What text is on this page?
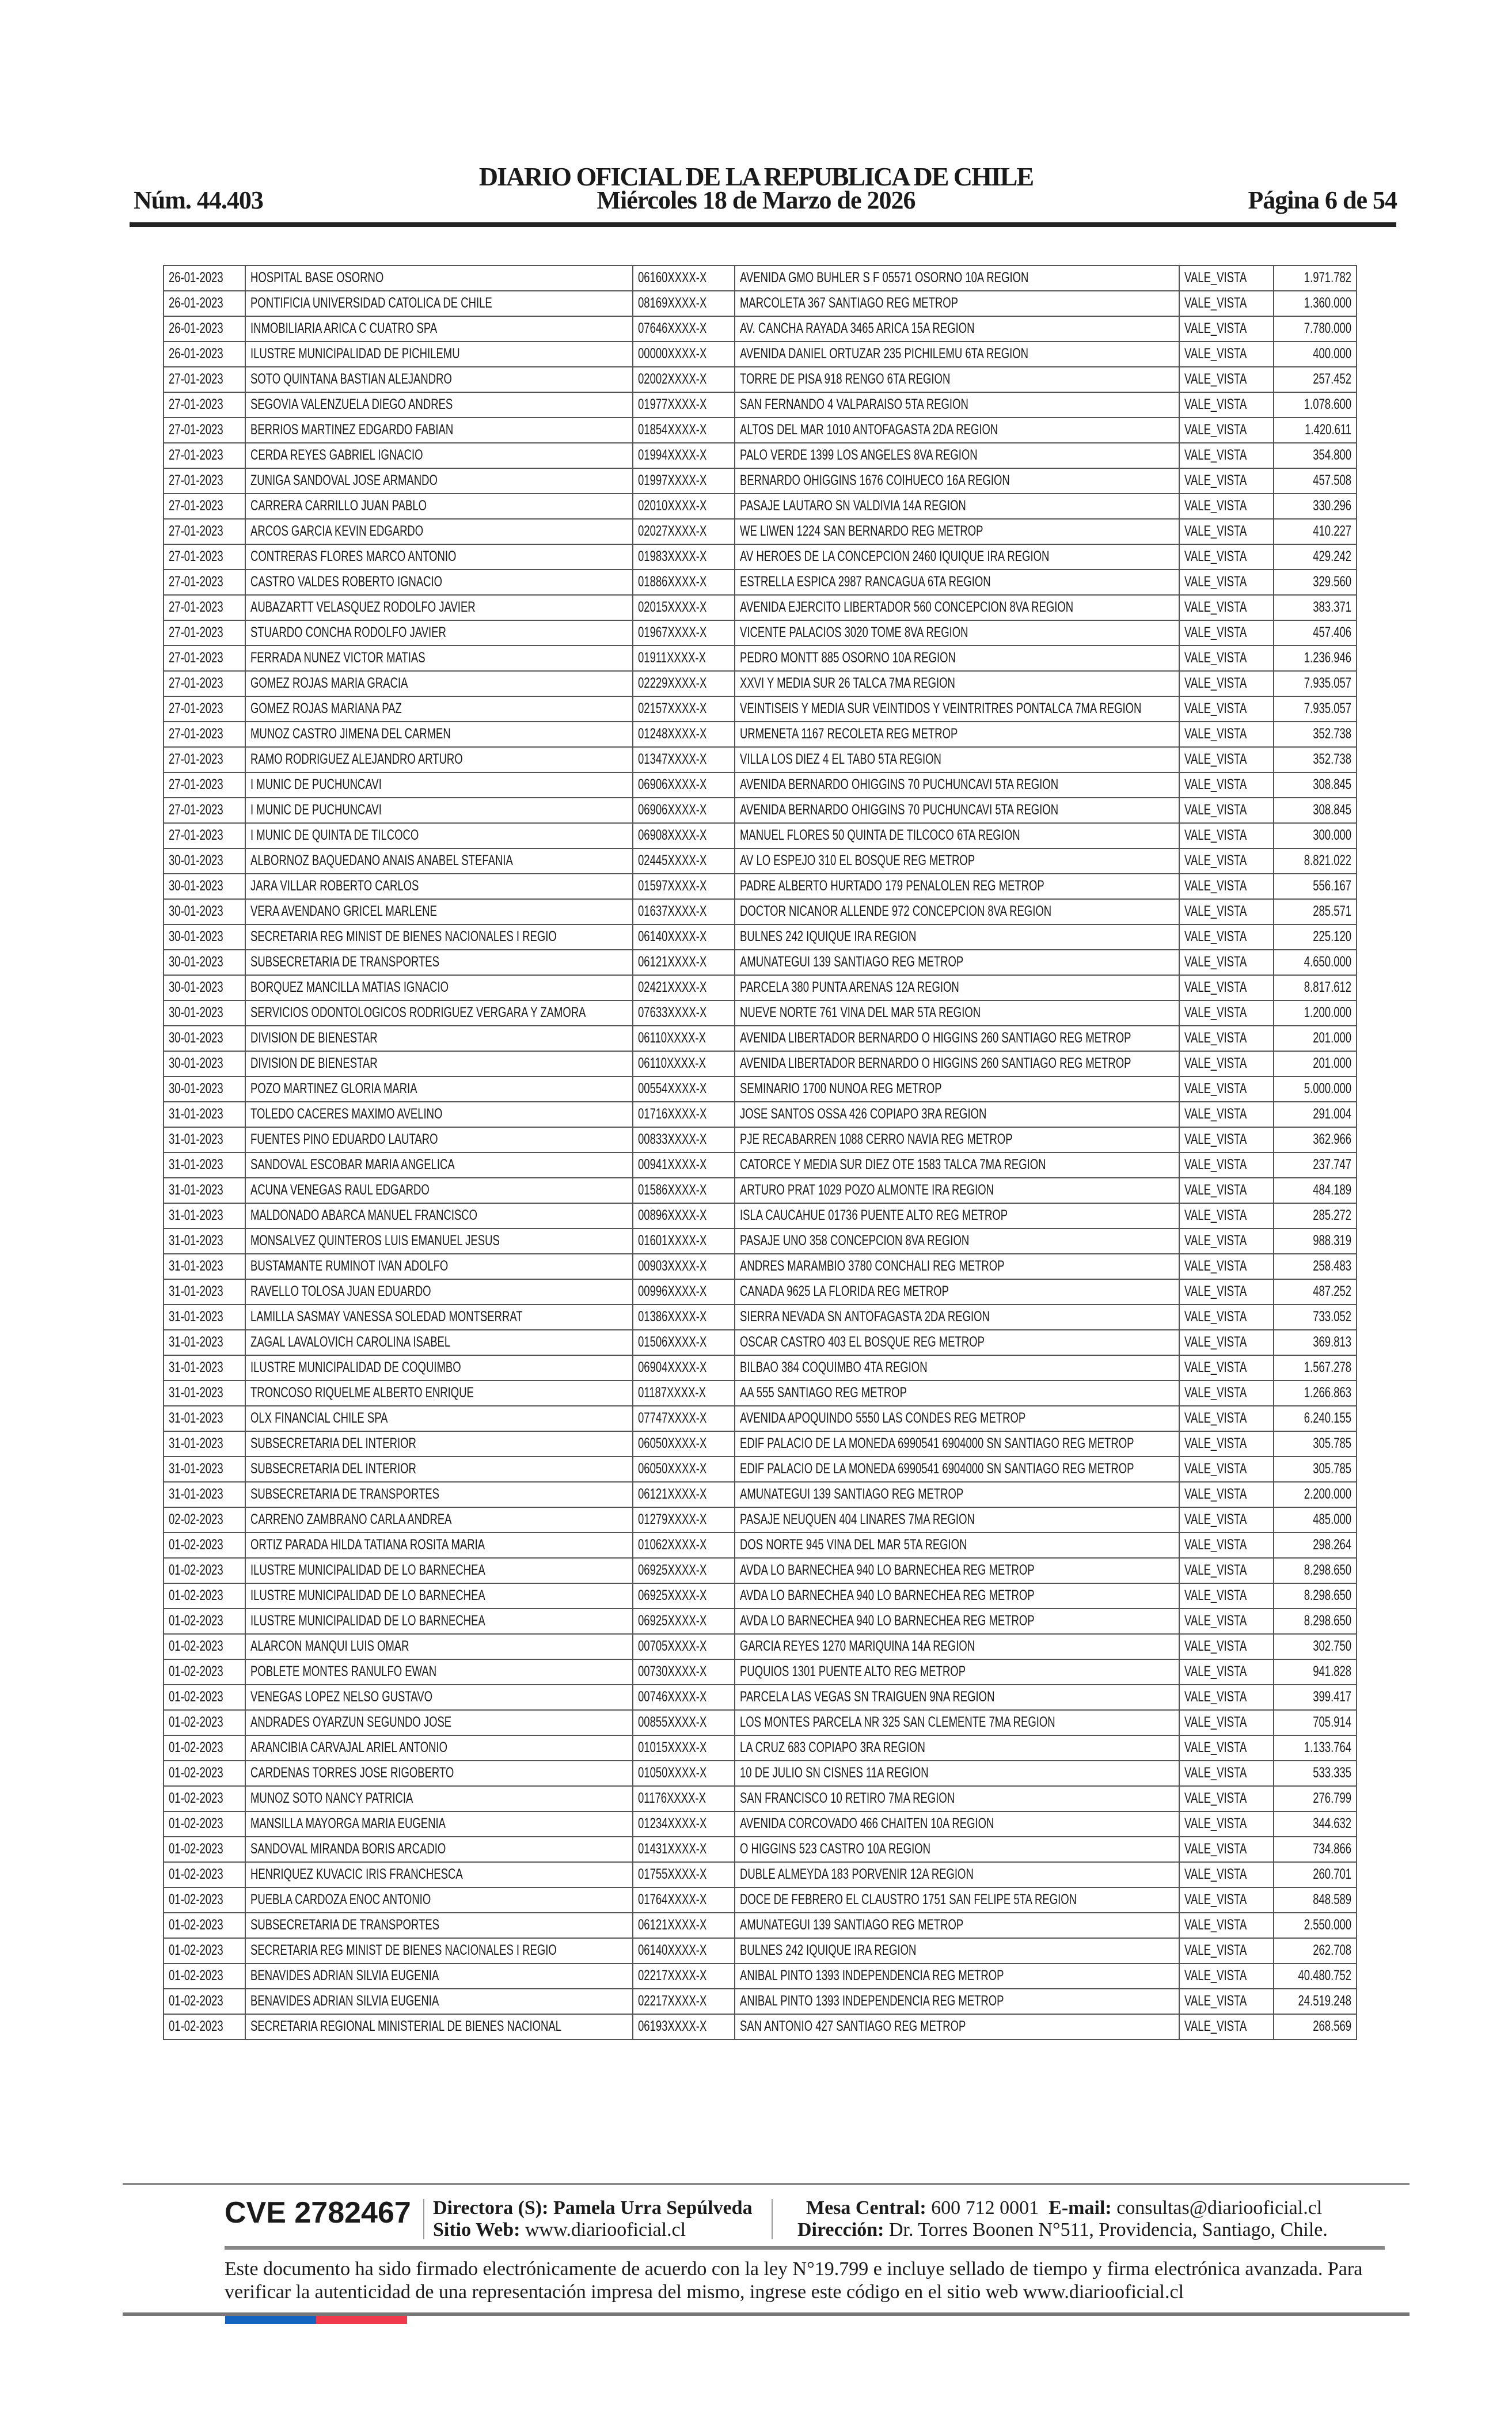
DIARIO OFICIAL DE LA REPUBLICA DE CHILE
Núm. 44.403	Miércoles 18 de Marzo de 2026	Página 6 de 54
26-01-2023	HOSPITAL BASE OSORNO	06160XXXX-X	AVENIDA GMO BUHLER S F 05571 OSORNO 10A REGION	VALE_VISTA	1.971.782

26-01-2023	PONTIFICIA UNIVERSIDAD CATOLICA DE CHILE	08169XXXX-X	MARCOLETA 367 SANTIAGO REG METROP	VALE_VISTA	1.360.000

26-01-2023	INMOBILIARIA ARICA C CUATRO SPA	07646XXXX-X	AV. CANCHA RAYADA 3465 ARICA 15A REGION	VALE_VISTA	7.780.000

26-01-2023	ILUSTRE MUNICIPALIDAD DE PICHILEMU	00000XXXX-X	AVENIDA DANIEL ORTUZAR 235 PICHILEMU 6TA REGION	VALE_VISTA	400.000

27-01-2023	SOTO QUINTANA BASTIAN ALEJANDRO	02002XXXX-X	TORRE DE PISA 918 RENGO 6TA REGION	VALE_VISTA	257.452

27-01-2023	SEGOVIA VALENZUELA DIEGO ANDRES	01977XXXX-X	SAN FERNANDO 4 VALPARAISO 5TA REGION	VALE_VISTA	1.078.600

27-01-2023	BERRIOS MARTINEZ EDGARDO FABIAN	01854XXXX-X	ALTOS DEL MAR 1010 ANTOFAGASTA 2DA REGION	VALE_VISTA	1.420.611

27-01-2023	CERDA REYES GABRIEL IGNACIO	01994XXXX-X	PALO VERDE 1399 LOS ANGELES 8VA REGION	VALE_VISTA	354.800

27-01-2023	ZUNIGA SANDOVAL JOSE ARMANDO	01997XXXX-X	BERNARDO OHIGGINS 1676 COIHUECO 16A REGION	VALE_VISTA	457.508

27-01-2023	CARRERA CARRILLO JUAN PABLO	02010XXXX-X	PASAJE LAUTARO SN VALDIVIA 14A REGION	VALE_VISTA	330.296

27-01-2023	ARCOS GARCIA KEVIN EDGARDO	02027XXXX-X	WE LIWEN 1224 SAN BERNARDO REG METROP	VALE_VISTA	410.227

27-01-2023	CONTRERAS FLORES MARCO ANTONIO	01983XXXX-X	AV HEROES DE LA CONCEPCION 2460 IQUIQUE IRA REGION	VALE_VISTA	429.242

27-01-2023	CASTRO VALDES ROBERTO IGNACIO	01886XXXX-X	ESTRELLA ESPICA 2987 RANCAGUA 6TA REGION	VALE_VISTA	329.560

27-01-2023	AUBAZARTT VELASQUEZ RODOLFO JAVIER	02015XXXX-X	AVENIDA EJERCITO LIBERTADOR 560 CONCEPCION 8VA REGION	VALE_VISTA	383.371

27-01-2023	STUARDO CONCHA RODOLFO JAVIER	01967XXXX-X	VICENTE PALACIOS 3020 TOME 8VA REGION	VALE_VISTA	457.406

27-01-2023	FERRADA NUNEZ VICTOR MATIAS	01911XXXX-X	PEDRO MONTT 885 OSORNO 10A REGION	VALE_VISTA	1.236.946

27-01-2023	GOMEZ ROJAS MARIA GRACIA	02229XXXX-X	XXVI Y MEDIA SUR 26 TALCA 7MA REGION	VALE_VISTA	7.935.057

27-01-2023	GOMEZ ROJAS MARIANA PAZ	02157XXXX-X	VEINTISEIS Y MEDIA SUR VEINTIDOS Y VEINTRITRES PONTALCA 7MA REGION	VALE_VISTA	7.935.057

27-01-2023	MUNOZ CASTRO JIMENA DEL CARMEN	01248XXXX-X	URMENETA 1167 RECOLETA REG METROP	VALE_VISTA	352.738

27-01-2023	RAMO RODRIGUEZ ALEJANDRO ARTURO	01347XXXX-X	VILLA LOS DIEZ 4 EL TABO 5TA REGION	VALE_VISTA	352.738

27-01-2023	I MUNIC DE PUCHUNCAVI	06906XXXX-X	AVENIDA BERNARDO OHIGGINS 70 PUCHUNCAVI 5TA REGION	VALE_VISTA	308.845

27-01-2023	I MUNIC DE PUCHUNCAVI	06906XXXX-X	AVENIDA BERNARDO OHIGGINS 70 PUCHUNCAVI 5TA REGION	VALE_VISTA	308.845

27-01-2023	I MUNIC DE QUINTA DE TILCOCO	06908XXXX-X	MANUEL FLORES 50 QUINTA DE TILCOCO 6TA REGION	VALE_VISTA	300.000

30-01-2023	ALBORNOZ BAQUEDANO ANAIS ANABEL STEFANIA	02445XXXX-X	AV LO ESPEJO 310 EL BOSQUE REG METROP	VALE_VISTA	8.821.022

30-01-2023	JARA VILLAR ROBERTO CARLOS	01597XXXX-X	PADRE ALBERTO HURTADO 179 PENALOLEN REG METROP	VALE_VISTA	556.167

30-01-2023	VERA AVENDANO GRICEL MARLENE	01637XXXX-X	DOCTOR NICANOR ALLENDE 972 CONCEPCION 8VA REGION	VALE_VISTA	285.571

30-01-2023	SECRETARIA REG MINIST DE BIENES NACIONALES I REGIO	06140XXXX-X	BULNES 242 IQUIQUE IRA REGION	VALE_VISTA	225.120

30-01-2023	SUBSECRETARIA DE TRANSPORTES	06121XXXX-X	AMUNATEGUI 139 SANTIAGO REG METROP	VALE_VISTA	4.650.000

30-01-2023	BORQUEZ MANCILLA MATIAS IGNACIO	02421XXXX-X	PARCELA 380 PUNTA ARENAS 12A REGION	VALE_VISTA	8.817.612

30-01-2023	SERVICIOS ODONTOLOGICOS RODRIGUEZ VERGARA Y ZAMORA	07633XXXX-X	NUEVE NORTE 761 VINA DEL MAR 5TA REGION	VALE_VISTA	1.200.000

30-01-2023	DIVISION DE BIENESTAR	06110XXXX-X	AVENIDA LIBERTADOR BERNARDO O HIGGINS 260 SANTIAGO REG METROP	VALE_VISTA	201.000

30-01-2023	DIVISION DE BIENESTAR	06110XXXX-X	AVENIDA LIBERTADOR BERNARDO O HIGGINS 260 SANTIAGO REG METROP	VALE_VISTA	201.000

30-01-2023	POZO MARTINEZ GLORIA MARIA	00554XXXX-X	SEMINARIO 1700 NUNOA REG METROP	VALE_VISTA	5.000.000

31-01-2023	TOLEDO CACERES MAXIMO AVELINO	01716XXXX-X	JOSE SANTOS OSSA 426 COPIAPO 3RA REGION	VALE_VISTA	291.004

31-01-2023	FUENTES PINO EDUARDO LAUTARO	00833XXXX-X	PJE RECABARREN 1088 CERRO NAVIA REG METROP	VALE_VISTA	362.966

31-01-2023	SANDOVAL ESCOBAR MARIA ANGELICA	00941XXXX-X	CATORCE Y MEDIA SUR DIEZ OTE 1583 TALCA 7MA REGION	VALE_VISTA	237.747

31-01-2023	ACUNA VENEGAS RAUL EDGARDO	01586XXXX-X	ARTURO PRAT 1029 POZO ALMONTE IRA REGION	VALE_VISTA	484.189

31-01-2023	MALDONADO ABARCA MANUEL FRANCISCO	00896XXXX-X	ISLA CAUCAHUE 01736 PUENTE ALTO REG METROP	VALE_VISTA	285.272

31-01-2023	MONSALVEZ QUINTEROS LUIS EMANUEL JESUS	01601XXXX-X	PASAJE UNO 358 CONCEPCION 8VA REGION	VALE_VISTA	988.319

31-01-2023	BUSTAMANTE RUMINOT IVAN ADOLFO	00903XXXX-X	ANDRES MARAMBIO 3780 CONCHALI REG METROP	VALE_VISTA	258.483

31-01-2023	RAVELLO TOLOSA JUAN EDUARDO	00996XXXX-X	CANADA 9625 LA FLORIDA REG METROP	VALE_VISTA	487.252

31-01-2023	LAMILLA SASMAY VANESSA SOLEDAD MONTSERRAT	01386XXXX-X	SIERRA NEVADA SN ANTOFAGASTA 2DA REGION	VALE_VISTA	733.052

31-01-2023	ZAGAL LAVALOVICH CAROLINA ISABEL	01506XXXX-X	OSCAR CASTRO 403 EL BOSQUE REG METROP	VALE_VISTA	369.813

31-01-2023	ILUSTRE MUNICIPALIDAD DE COQUIMBO	06904XXXX-X	BILBAO 384 COQUIMBO 4TA REGION	VALE_VISTA	1.567.278

31-01-2023	TRONCOSO RIQUELME ALBERTO ENRIQUE	01187XXXX-X	AA 555 SANTIAGO REG METROP	VALE_VISTA	1.266.863

31-01-2023	OLX FINANCIAL CHILE SPA	07747XXXX-X	AVENIDA APOQUINDO 5550 LAS CONDES REG METROP	VALE_VISTA	6.240.155

31-01-2023	SUBSECRETARIA DEL INTERIOR	06050XXXX-X	EDIF PALACIO DE LA MONEDA 6990541 6904000 SN SANTIAGO REG METROP	VALE_VISTA	305.785

31-01-2023	SUBSECRETARIA DEL INTERIOR	06050XXXX-X	EDIF PALACIO DE LA MONEDA 6990541 6904000 SN SANTIAGO REG METROP	VALE_VISTA	305.785

31-01-2023	SUBSECRETARIA DE TRANSPORTES	06121XXXX-X	AMUNATEGUI 139 SANTIAGO REG METROP	VALE_VISTA	2.200.000

02-02-2023	CARRENO ZAMBRANO CARLA ANDREA	01279XXXX-X	PASAJE NEUQUEN 404 LINARES 7MA REGION	VALE_VISTA	485.000

01-02-2023	ORTIZ PARADA HILDA TATIANA ROSITA MARIA	01062XXXX-X	DOS NORTE 945 VINA DEL MAR 5TA REGION	VALE_VISTA	298.264

01-02-2023	ILUSTRE MUNICIPALIDAD DE LO BARNECHEA	06925XXXX-X	AVDA LO BARNECHEA 940 LO BARNECHEA REG METROP	VALE_VISTA	8.298.650

01-02-2023	ILUSTRE MUNICIPALIDAD DE LO BARNECHEA	06925XXXX-X	AVDA LO BARNECHEA 940 LO BARNECHEA REG METROP	VALE_VISTA	8.298.650

01-02-2023	ILUSTRE MUNICIPALIDAD DE LO BARNECHEA	06925XXXX-X	AVDA LO BARNECHEA 940 LO BARNECHEA REG METROP	VALE_VISTA	8.298.650

01-02-2023	ALARCON MANQUI LUIS OMAR	00705XXXX-X	GARCIA REYES 1270 MARIQUINA 14A REGION	VALE_VISTA	302.750

01-02-2023	POBLETE MONTES RANULFO EWAN	00730XXXX-X	PUQUIOS 1301 PUENTE ALTO REG METROP	VALE_VISTA	941.828

01-02-2023	VENEGAS LOPEZ NELSO GUSTAVO	00746XXXX-X	PARCELA LAS VEGAS SN TRAIGUEN 9NA REGION	VALE_VISTA	399.417

01-02-2023	ANDRADES OYARZUN SEGUNDO JOSE	00855XXXX-X	LOS MONTES PARCELA NR 325 SAN CLEMENTE 7MA REGION	VALE_VISTA	705.914

01-02-2023	ARANCIBIA CARVAJAL ARIEL ANTONIO	01015XXXX-X	LA CRUZ 683 COPIAPO 3RA REGION	VALE_VISTA	1.133.764

01-02-2023	CARDENAS TORRES JOSE RIGOBERTO	01050XXXX-X	10 DE JULIO SN CISNES 11A REGION	VALE_VISTA	533.335

01-02-2023	MUNOZ SOTO NANCY PATRICIA	01176XXXX-X	SAN FRANCISCO 10 RETIRO 7MA REGION	VALE_VISTA	276.799

01-02-2023	MANSILLA MAYORGA MARIA EUGENIA	01234XXXX-X	AVENIDA CORCOVADO 466 CHAITEN 10A REGION	VALE_VISTA	344.632

01-02-2023	SANDOVAL MIRANDA BORIS ARCADIO	01431XXXX-X	O HIGGINS 523 CASTRO 10A REGION	VALE_VISTA	734.866

01-02-2023	HENRIQUEZ KUVACIC IRIS FRANCHESCA	01755XXXX-X	DUBLE ALMEYDA 183 PORVENIR 12A REGION	VALE_VISTA	260.701

01-02-2023	PUEBLA CARDOZA ENOC ANTONIO	01764XXXX-X	DOCE DE FEBRERO EL CLAUSTRO 1751 SAN FELIPE 5TA REGION	VALE_VISTA	848.589

01-02-2023	SUBSECRETARIA DE TRANSPORTES	06121XXXX-X	AMUNATEGUI 139 SANTIAGO REG METROP	VALE_VISTA	2.550.000

01-02-2023	SECRETARIA REG MINIST DE BIENES NACIONALES I REGIO	06140XXXX-X	BULNES 242 IQUIQUE IRA REGION	VALE_VISTA	262.708

01-02-2023	BENAVIDES ADRIAN SILVIA EUGENIA	02217XXXX-X	ANIBAL PINTO 1393 INDEPENDENCIA REG METROP	VALE_VISTA	40.480.752

01-02-2023	BENAVIDES ADRIAN SILVIA EUGENIA	02217XXXX-X	ANIBAL PINTO 1393 INDEPENDENCIA REG METROP	VALE_VISTA	24.519.248

01-02-2023	SECRETARIA REGIONAL MINISTERIAL DE BIENES NACIONAL	06193XXXX-X	SAN ANTONIO 427 SANTIAGO REG METROP	VALE_VISTA	268.569
CVE 2782467 Directora (S): Pamela Urra Sepúlveda
Sitio Web: www.diariooficial.cl
Mesa Central: 600 712 0001 E-mail: consultas@diariooficial.cl
Dirección: Dr. Torres Boonen N°511, Providencia, Santiago, Chile.
Este documento ha sido firmado electrónicamente de acuerdo con la ley N°19.799 e incluye sellado de tiempo y firma electrónica avanzada. Para verificar la autenticidad de una representación impresa del mismo, ingrese este código en el sitio web www.diariooficial.cl
